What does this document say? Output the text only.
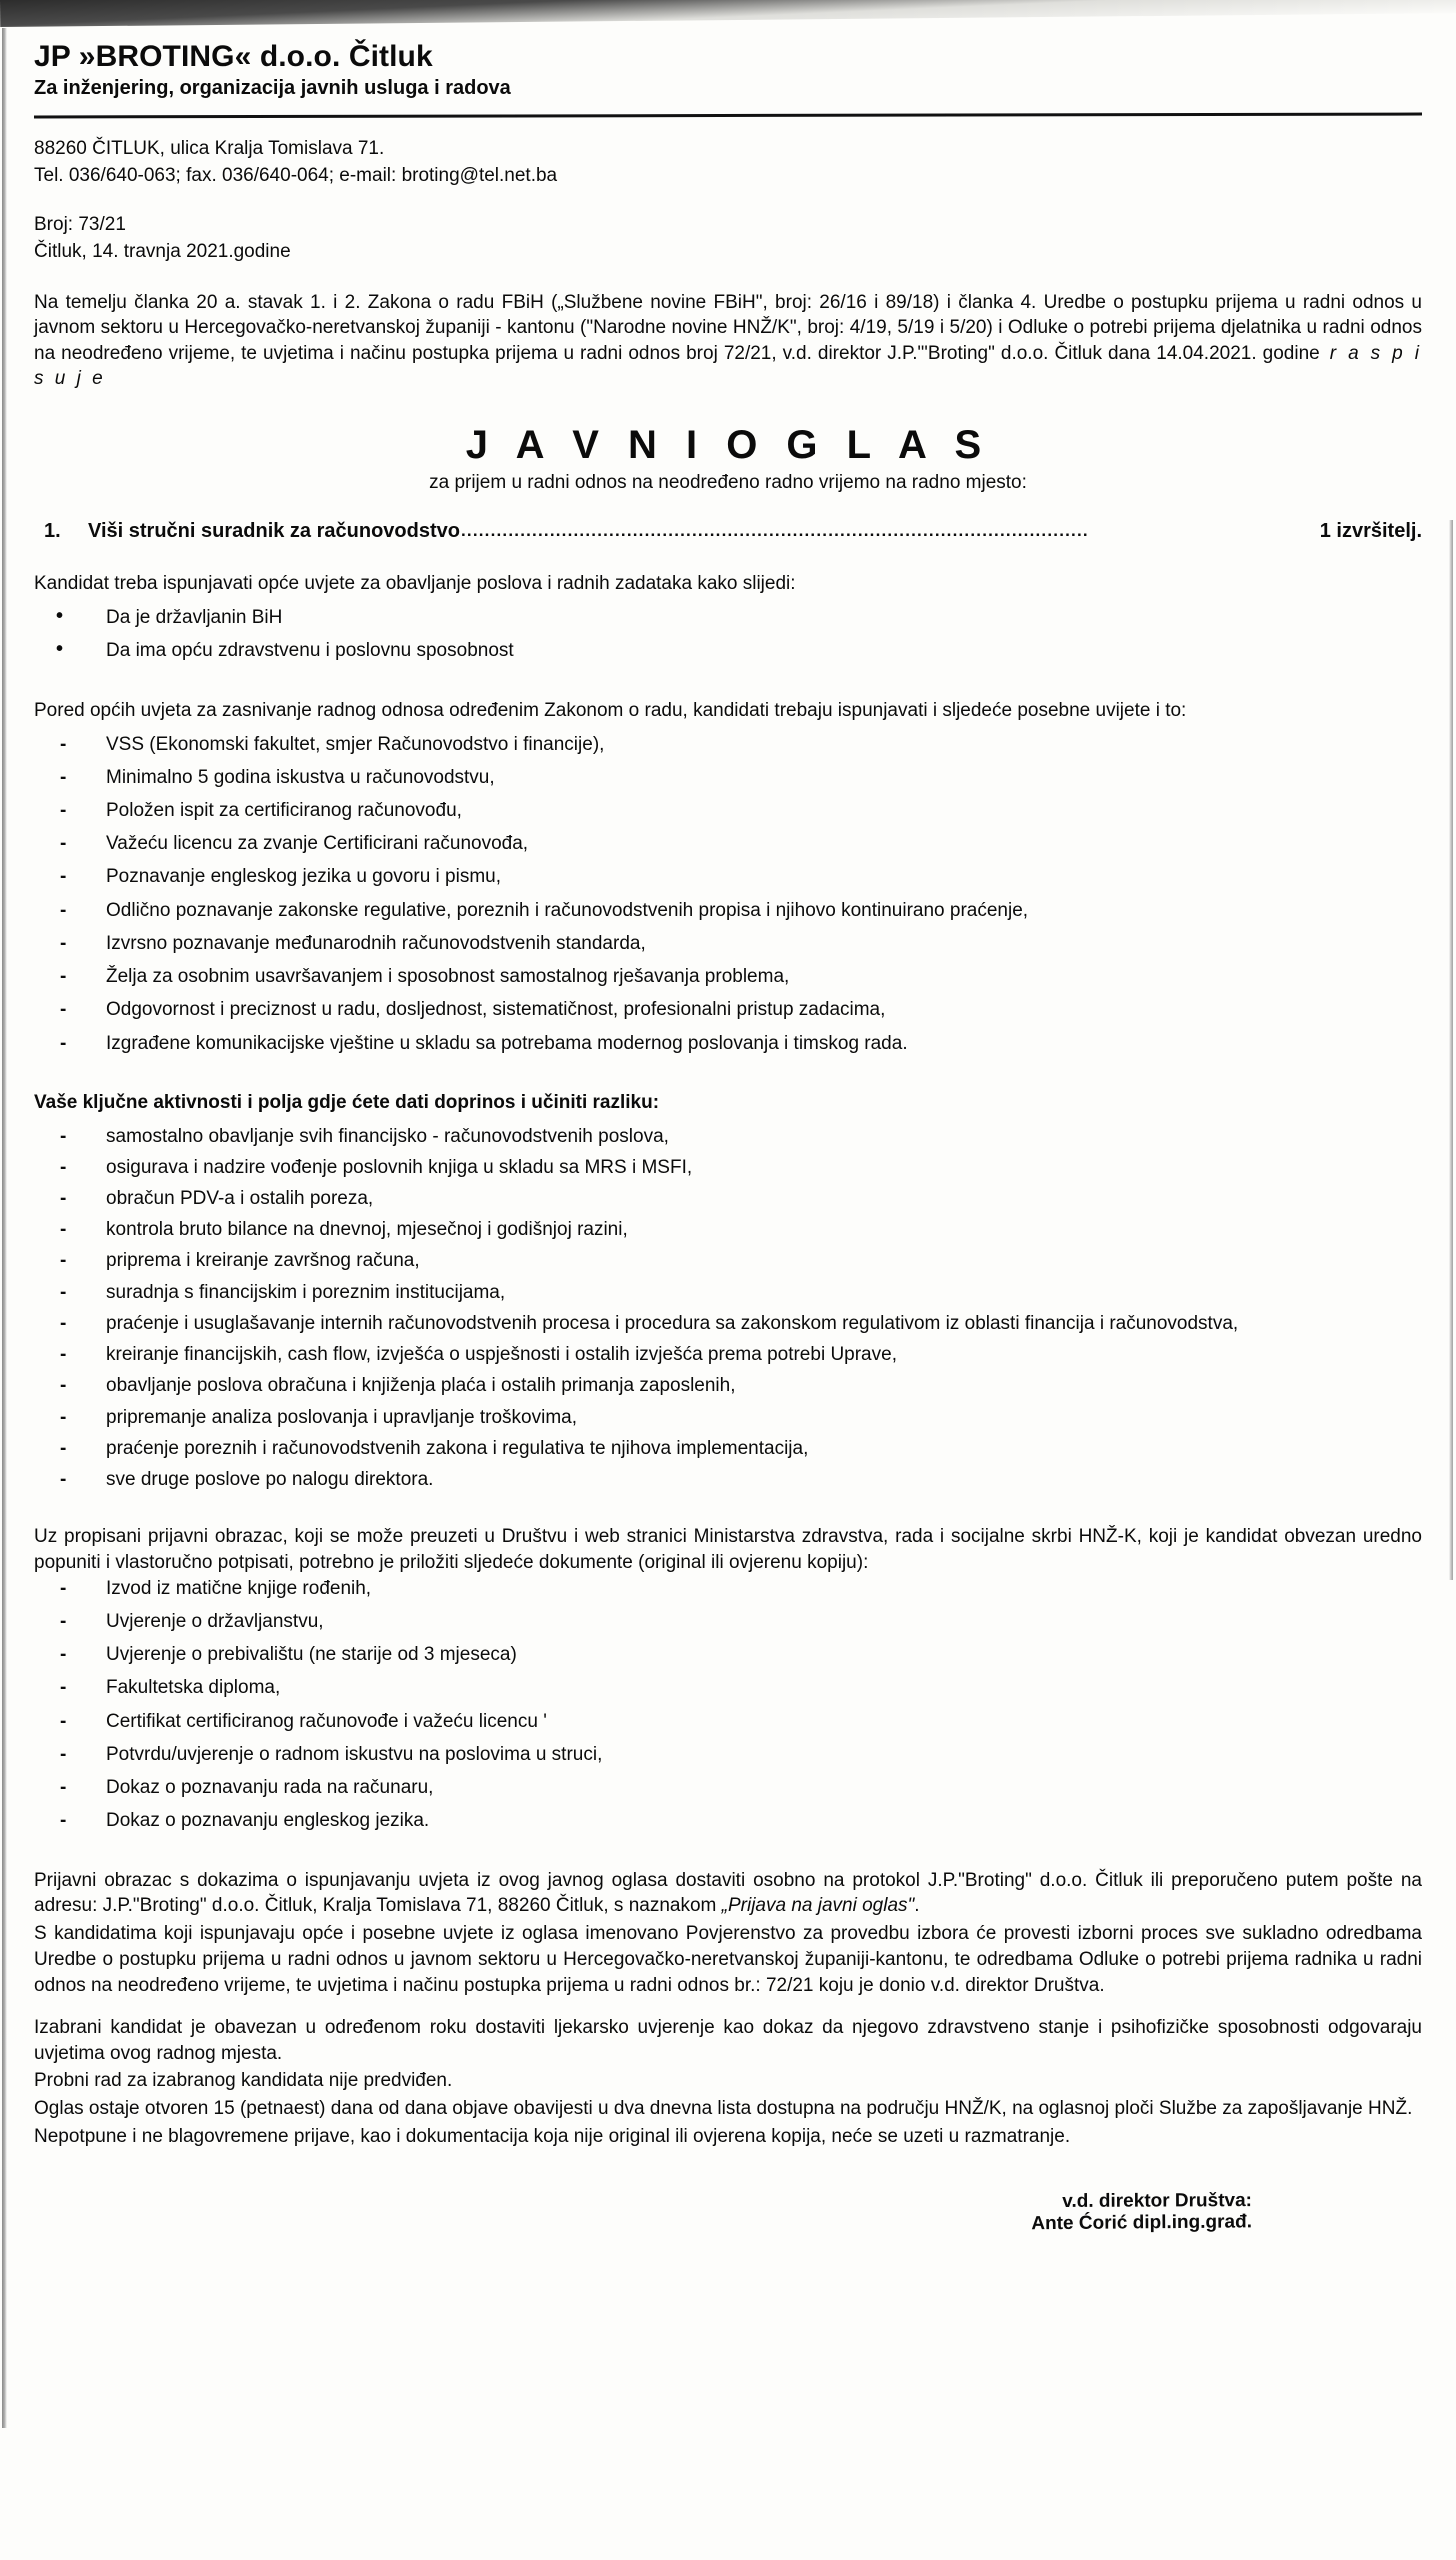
JP »BROTING« d.o.o. Čitluk
Za inženjering, organizacija javnih usluga i radova
88260 ČITLUK, ulica Kralja Tomislava 71.
Tel. 036/640-063; fax. 036/640-064; e-mail: broting@tel.net.ba
Broj: 73/21
Čitluk, 14. travnja 2021.godine

Na temelju članka 20 a. stavak 1. i 2. Zakona o radu FBiH („Službene novine FBiH", broj: 26/16 i 89/18) i članka 4. Uredbe o postupku prijema u radni odnos u javnom sektoru u Hercegovačko-neretvanskoj županiji - kantonu ("Narodne novine HNŽ/K", broj: 4/19, 5/19 i 5/20) i Odluke o potrebi prijema djelatnika u radni odnos na neodređeno vrijeme, te uvjetima i načinu postupka prijema u radni odnos broj 72/21, v.d. direktor J.P."'Broting" d.o.o. Čitluk dana 14.04.2021. godine r a s p i s u j e

J A V N I O G L A S
za prijem u radni odnos na neodređeno radno vrijemo na radno mjesto:
1.	Viši stručni suradnik za računovodstvo ..........................................................................................................	1 izvršitelj.

Kandidat treba ispunjavati opće uvjete za obavljanje poslova i radnih zadataka kako slijedi:

• Da je državljanin BiH
• Da ima opću zdravstvenu i poslovnu sposobnost

Pored općih uvjeta za zasnivanje radnog odnosa određenim Zakonom o radu, kandidati trebaju ispunjavati i sljedeće posebne uvijete i to:

- VSS (Ekonomski fakultet, smjer Računovodstvo i financije),
- Minimalno 5 godina iskustva u računovodstvu,
- Položen ispit za certificiranog računovođu,
- Važeću licencu za zvanje Certificirani računovođa,
- Poznavanje engleskog jezika u govoru i pismu,
- Odlično poznavanje zakonske regulative, poreznih i računovodstvenih propisa i njihovo kontinuirano praćenje,
- Izvrsno poznavanje međunarodnih računovodstvenih standarda,
- Želja za osobnim usavršavanjem i sposobnost samostalnog rješavanja problema,
- Odgovornost i preciznost u radu, dosljednost, sistematičnost, profesionalni pristup zadacima,
- Izgrađene komunikacijske vještine u skladu sa potrebama modernog poslovanja i timskog rada.

Vaše ključne aktivnosti i polja gdje ćete dati doprinos i učiniti razliku:

- samostalno obavljanje svih financijsko - računovodstvenih poslova,
- osigurava i nadzire vođenje poslovnih knjiga u skladu sa MRS i MSFI,
- obračun PDV-a i ostalih poreza,
- kontrola bruto bilance na dnevnoj, mjesečnoj i godišnjoj razini,
- priprema i kreiranje završnog računa,
- suradnja s financijskim i poreznim institucijama,
- praćenje i usuglašavanje internih računovodstvenih procesa i procedura sa zakonskom regulativom iz oblasti financija i računovodstva,
- kreiranje financijskih, cash flow, izvješća o uspješnosti i ostalih izvješća prema potrebi Uprave,
- obavljanje poslova obračuna i knjiženja plaća i ostalih primanja zaposlenih,
- pripremanje analiza poslovanja i upravljanje troškovima,
- praćenje poreznih i računovodstvenih zakona i regulativa te njihova implementacija,
- sve druge poslove po nalogu direktora.

Uz propisani prijavni obrazac, koji se može preuzeti u Društvu i web stranici Ministarstva zdravstva, rada i socijalne skrbi HNŽ-K, koji je kandidat obvezan uredno popuniti i vlastoručno potpisati, potrebno je priložiti sljedeće dokumente (original ili ovjerenu kopiju):

- Izvod iz matične knjige rođenih,
- Uvjerenje o državljanstvu,
- Uvjerenje o prebivalištu (ne starije od 3 mjeseca)
- Fakultetska diploma,
- Certifikat certificiranog računovođe i važeću licencu '
- Potvrdu/uvjerenje o radnom iskustvu na poslovima u struci,
- Dokaz o poznavanju rada na računaru,
- Dokaz o poznavanju engleskog jezika.

Prijavni obrazac s dokazima o ispunjavanju uvjeta iz ovog javnog oglasa dostaviti osobno na protokol J.P."Broting" d.o.o. Čitluk ili preporučeno putem pošte na adresu: J.P."Broting" d.o.o. Čitluk, Kralja Tomislava 71, 88260 Čitluk, s naznakom „Prijava na javni oglas".

S kandidatima koji ispunjavaju opće i posebne uvjete iz oglasa imenovano Povjerenstvo za provedbu izbora će provesti izborni proces sve sukladno odredbama Uredbe o postupku prijema u radni odnos u javnom sektoru u Hercegovačko-neretvanskoj županiji-kantonu, te odredbama Odluke o potrebi prijema radnika u radni odnos na neodređeno vrijeme, te uvjetima i načinu postupka prijema u radni odnos br.: 72/21 koju je donio v.d. direktor Društva.

Izabrani kandidat je obavezan u određenom roku dostaviti ljekarsko uvjerenje kao dokaz da njegovo zdravstveno stanje i psihofizičke sposobnosti odgovaraju uvjetima ovog radnog mjesta.

Probni rad za izabranog kandidata nije predviđen.

Oglas ostaje otvoren 15 (petnaest) dana od dana objave obavijesti u dva dnevna lista dostupna na području HNŽ/K, na oglasnoj ploči Službe za zapošljavanje HNŽ.

Nepotpune i ne blagovremene prijave, kao i dokumentacija koja nije original ili ovjerena kopija, neće se uzeti u razmatranje.

v.d. direktor Društva:
Ante Ćorić dipl.ing.građ.
